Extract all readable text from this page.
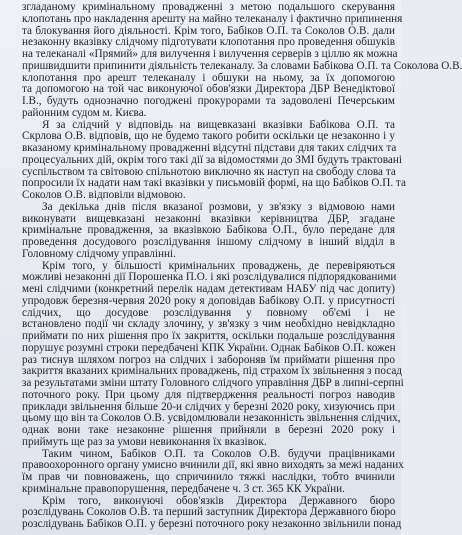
зглaданому кримінальному провадженні з метою подальшого скерування
клопотань про накладення арешту на майно телеканалу і фактично припинення
та блокування його діяльності. Крім того, Бабіков О.П. та Соколов О.В. дали
незаконну вказівку слідчому підготувати клопотання про проведення обшуків
на телеканалі «Прямий» для вилучення і вилучення серверів з ціллю як можна
пришвидшити припинити діяльність телеканалу. За словами Бабікова О.П. та Соколова О.В.
клопотання про арешт телеканалу і обшуки на ньому, за їх допомогою
та допомогою на той час виконуючої обов'язки Директора ДБР Венедіктової
І.В., будуть однозначно погоджені прокурорами та задоволені Печерським
районним судом м. Києва.
Я за слідчий у відповідь на вищевказані вказівки Бабікова О.П. та
Скрлова О.В. відповів, що не будемо такого робити оскільки це незаконно і у
вказаному кримінальному провадженні відсутні підстави для таких слідчих та
процесуальних дій, окрім того такі дії за відомостями до ЗМІ будуть трактовані
суспільством та світовою спільнотою виключно як наступ на свободу слова та
попросили їх надати нам такі вказівки у письмовій формі, на що Бабіков О.П. та
Соколов О.В. відповіли відмовою.
За декілька днів після вказаної розмови, у зв'язку з відмовою нами
виконувати вищевказані незаконні вказівки керівництва ДБР, згадане
кримінальне провадження, за вказівкою Бабікова О.П., було передане для
проведення досудового розслідування іншому слідчому в інший відділ в
Головному слідчому управлінні.
Крім того, у більшості кримінальних проваджень, де перевіряються
можливі незаконні дії Порошенка П.О. і які розслідувалися підпорядкованими
мені слідчими (конкретний перелік надам детективам НАБУ під час допиту)
упродовж березня-червня 2020 року я доповідав Бабікову О.П. у присутності
слідчих, що досудове розслідування у повному об'ємі і не
встановлено події чи складу злочину, у зв'язку з чим необхідно невідкладно
приймати по них рішення про їх закриття, оскільки подальше розслідування
порушує розумні строки передбачені КПК України. Однак Бабіков О.П. кожен
раз тиснув шляхом погроз на слідчих і забороняв їм приймати рішення про
закриття вказаних кримінальних проваджень, під страхом їх звільнення з посад
за результатами зміни штату Головного слідчого управління ДБР в липні-серпні
поточного року. При цьому для підтвердження реальності погроз наводив
приклади звільнення більше 20-и слідчих у березні 2020 року, хизуючись при
цьому що він та Соколов О.В. усвідомлювали незаконність звільнення слідчих,
однак вони таке незаконне рішення прийняли в березні 2020 року і
приймуть ще раз за умови невиконання їх вказівок.
Таким чином, Бабіков О.П. та Соколов О.В. будучи працівниками
правоохоронного органу умисно вчинили дії, які явно виходять за межі наданих
їм прав чи повноважень, що спричинило тяжкі наслідки, тобто вчинили
кримінальне правопорушення, передбачене ч. 3 ст. 365 КК України.
Крім того, виконуючі обов'язків Директора Державного бюро
розслідувань Соколов О.В. та перший заступник Директора Державного бюро
розслідувань Бабіков О.П. у березні поточного року незаконно звільнили понад
